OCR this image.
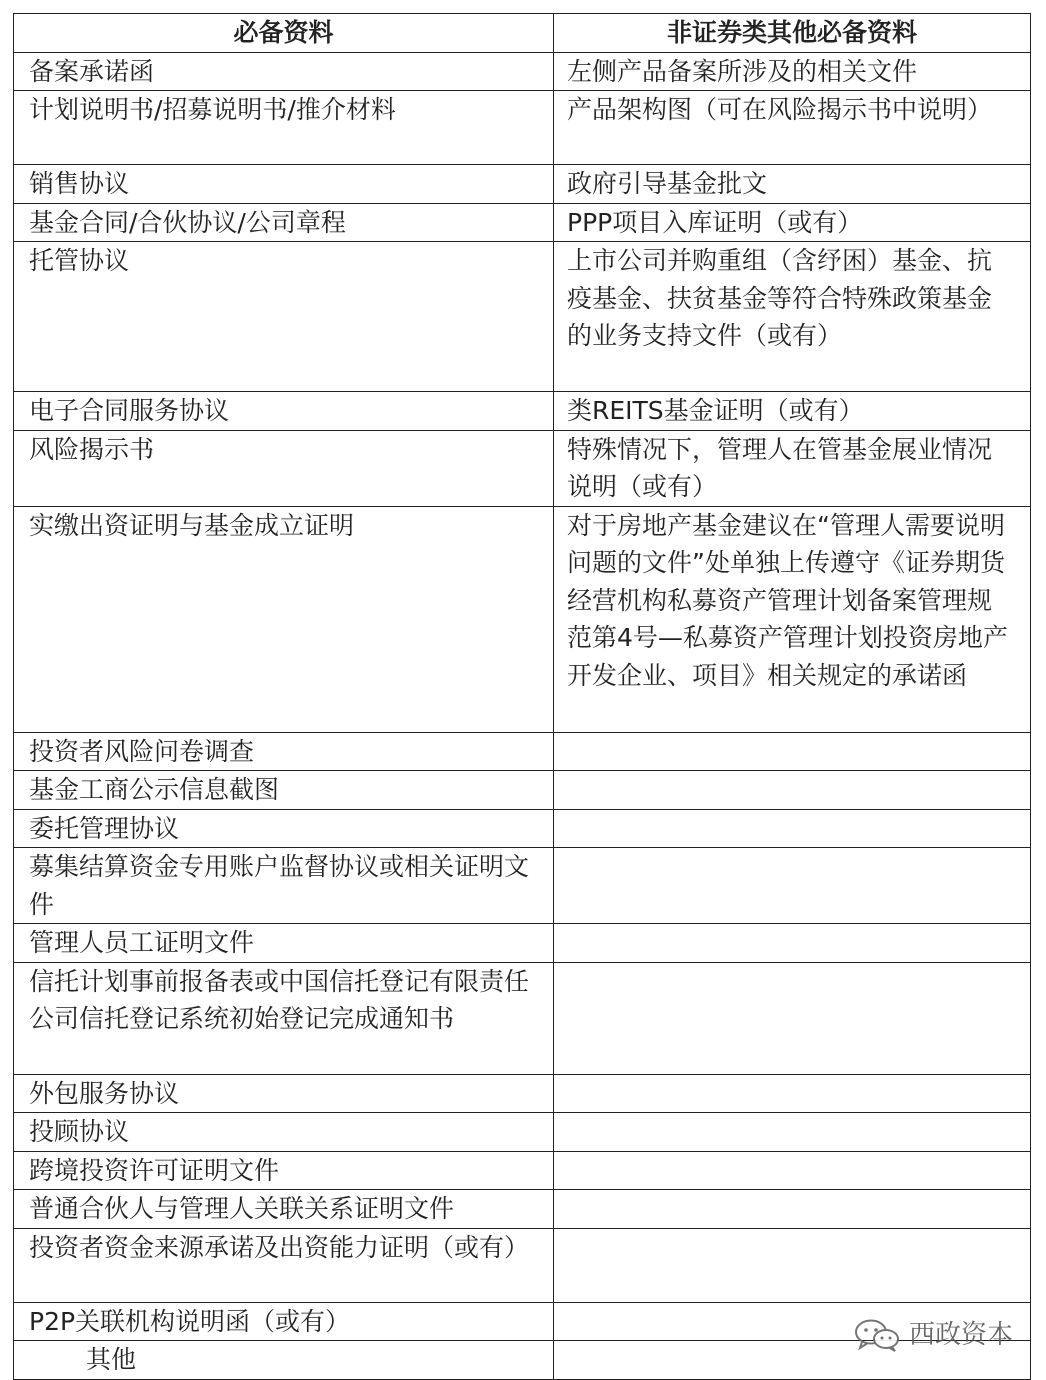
必备资料	非证券类其他必备资料
备案承诺函	左侧产品备案所涉及的相关文件
计划说明书/招募说明书/推介材料	产品架构图（可在风险揭示书中说明）
销售协议	政府引导基金批文
基金合同/合伙协议/公司章程	PPP项目入库证明（或有）
托管协议	上市公司并购重组（含纾困）基金、抗疫基金、扶贫基金等符合特殊政策基金的业务支持文件（或有）
电子合同服务协议	类REITS基金证明（或有）
风险揭示书	特殊情况下，管理人在管基金展业情况说明（或有）
实缴出资证明与基金成立证明	对于房地产基金建议在“管理人需要说明问题的文件”处单独上传遵守《证券期货经营机构私募资产管理计划备案管理规范第4号—私募资产管理计划投资房地产开发企业、项目》相关规定的承诺函
投资者风险问卷调查	
基金工商公示信息截图	
委托管理协议	
募集结算资金专用账户监督协议或相关证明文件	
管理人员工证明文件	
信托计划事前报备表或中国信托登记有限责任公司信托登记系统初始登记完成通知书	
外包服务协议	
投顾协议	
跨境投资许可证明文件	
普通合伙人与管理人关联关系证明文件	
投资者资金来源承诺及出资能力证明（或有）	
P2P关联机构说明函（或有）	
其他	
西政资本
